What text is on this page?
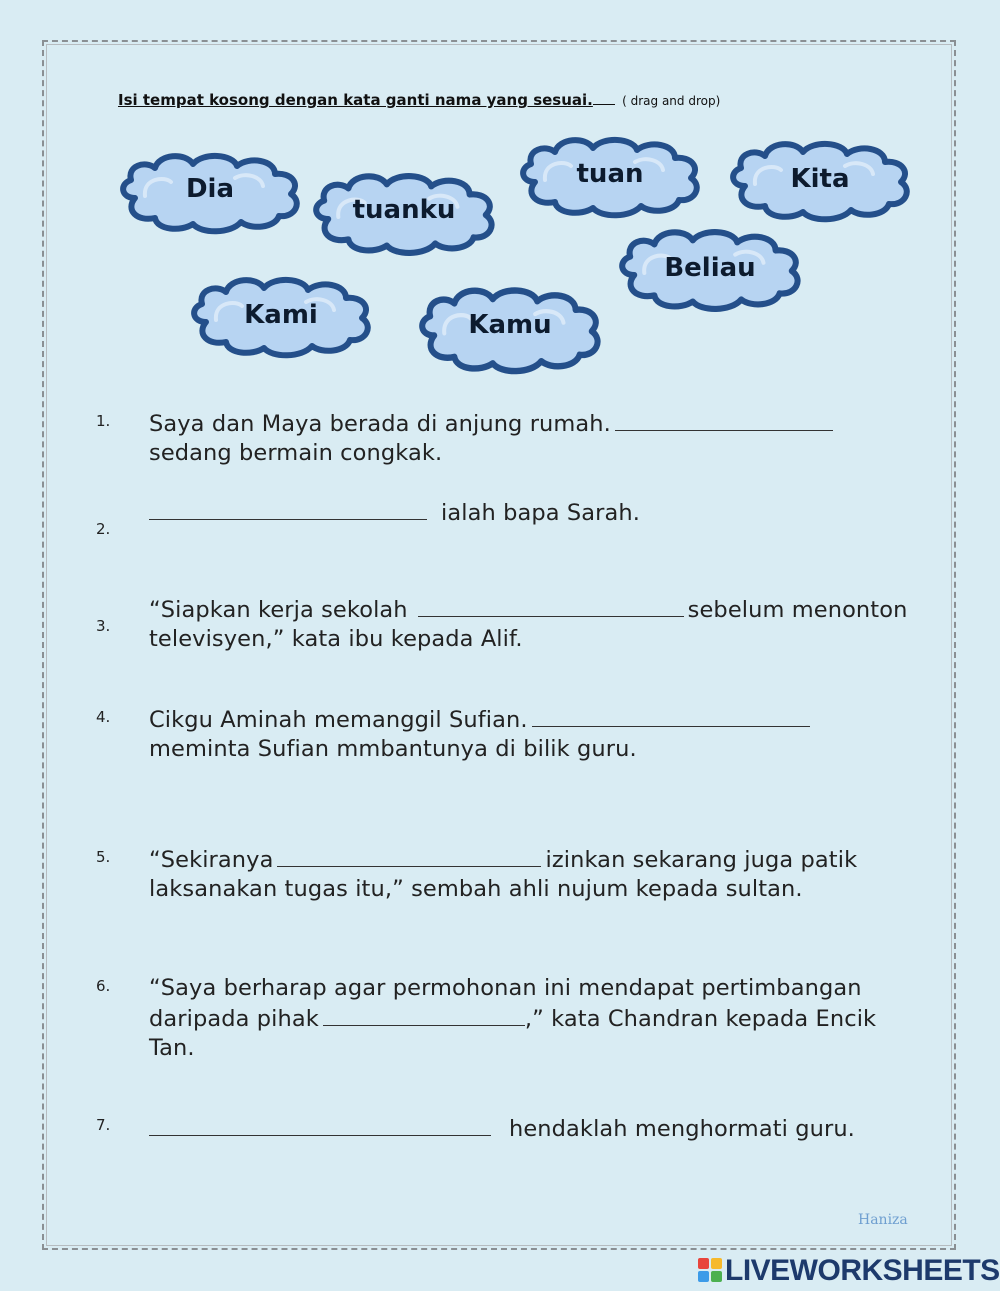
Isi tempat kosong dengan kata ganti nama yang sesuai. ( drag and drop)
Dia
tuanku
tuan	Kita
Beliau
Kami	Kamu
1. Saya dan Maya berada di anjung rumah.
sedang bermain congkak.
2.
ialah bapa Sarah.
3.
“Siapkan kerja sekolah	sebelum menonton
televisyen,” kata ibu kepada Alif.
4. Cikgu Aminah memanggil Sufian.
meminta Sufian mmbantunya di bilik guru.
5. “Sekiranya	izinkan sekarang juga patik
laksanakan tugas itu,” sembah ahli nujum kepada sultan.
6. “Saya berharap agar permohonan ini mendapat pertimbangan
daripada pihak	,” kata Chandran kepada Encik
Tan.
7.	hendaklah menghormati guru.
Haniza
LIVEWORKSHEETS
